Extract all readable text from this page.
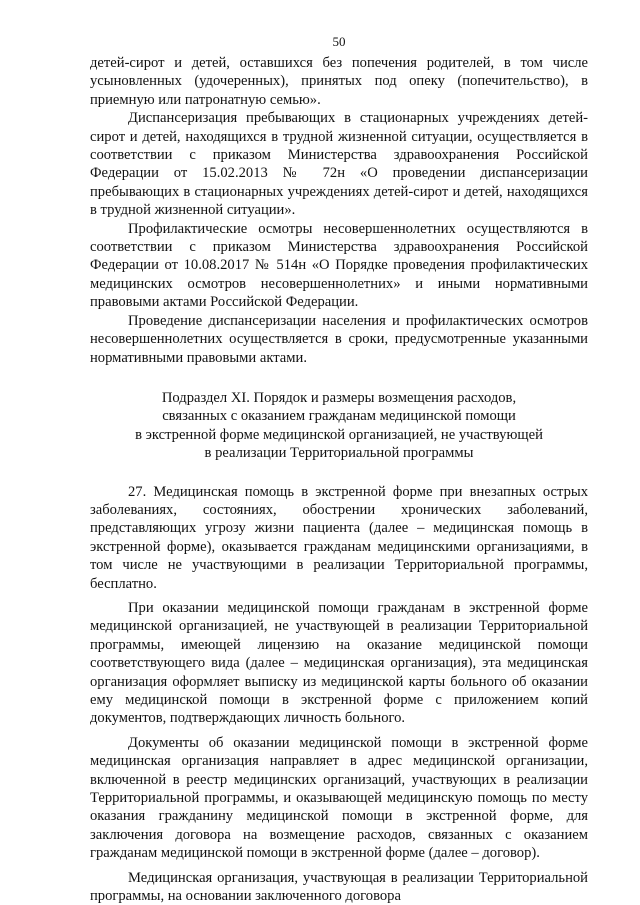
50

детей-сирот и детей, оставшихся без попечения родителей, в том числе усыновленных (удочеренных), принятых под опеку (попечительство), в приемную или патронатную семью».

Диспансеризация пребывающих в стационарных учреждениях детей-сирот и детей, находящихся в трудной жизненной ситуации, осуществляется в соответствии с приказом Министерства здравоохранения Российской Федерации от 15.02.2013 № 72н «О проведении диспансеризации пребывающих в стационарных учреждениях детей-сирот и детей, находящихся в трудной жизненной ситуации».

Профилактические осмотры несовершеннолетних осуществляются в соответствии с приказом Министерства здравоохранения Российской Федерации от 10.08.2017 № 514н «О Порядке проведения профилактических медицинских осмотров несовершеннолетних» и иными нормативными правовыми актами Российской Федерации.

Проведение диспансеризации населения и профилактических осмотров несовершеннолетних осуществляется в сроки, предусмотренные указанными нормативными правовыми актами.

Подраздел XI. Порядок и размеры возмещения расходов,
связанных с оказанием гражданам медицинской помощи
в экстренной форме медицинской организацией, не участвующей
в реализации Территориальной программы

27. Медицинская помощь в экстренной форме при внезапных острых заболеваниях, состояниях, обострении хронических заболеваний, представляющих угрозу жизни пациента (далее – медицинская помощь в экстренной форме), оказывается гражданам медицинскими организациями, в том числе не участвующими в реализации Территориальной программы, бесплатно.

При оказании медицинской помощи гражданам в экстренной форме медицинской организацией, не участвующей в реализации Территориальной программы, имеющей лицензию на оказание медицинской помощи соответствующего вида (далее – медицинская организация), эта медицинская организация оформляет выписку из медицинской карты больного об оказании ему медицинской помощи в экстренной форме с приложением копий документов, подтверждающих личность больного.

Документы об оказании медицинской помощи в экстренной форме медицинская организация направляет в адрес медицинской организации, включенной в реестр медицинских организаций, участвующих в реализации Территориальной программы, и оказывающей медицинскую помощь по месту оказания гражданину медицинской помощи в экстренной форме, для заключения договора на возмещение расходов, связанных с оказанием гражданам медицинской помощи в экстренной форме (далее – договор).

Медицинская организация, участвующая в реализации Территориальной программы, на основании заключенного договора
